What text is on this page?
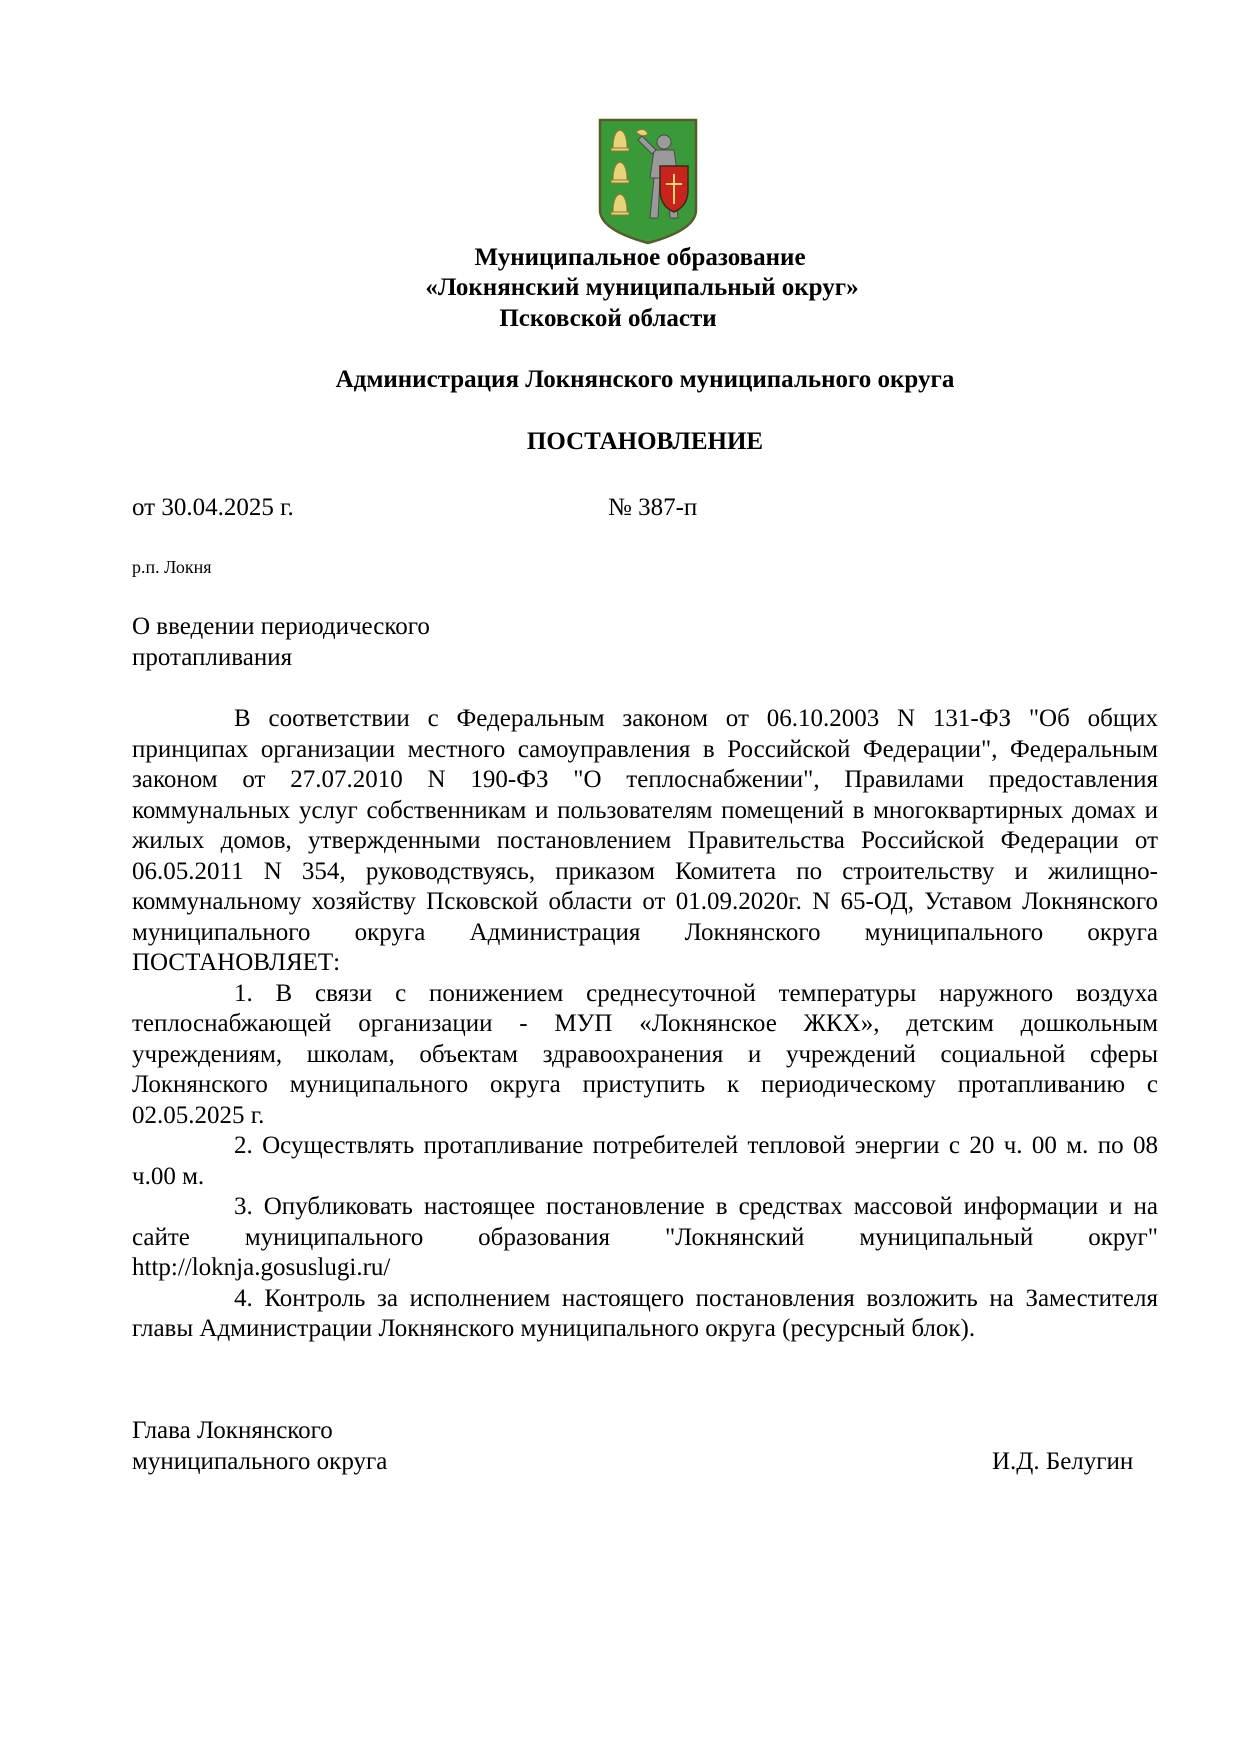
Муниципальное образование
«Локнянский муниципальный округ»
Псковской области
Администрация Локнянского муниципального округа
ПОСТАНОВЛЕНИЕ
от 30.04.2025 г.	№ 387-п
р.п. Локня
О введении периодического
протапливания

В соответствии с Федеральным законом от 06.10.2003 N 131-ФЗ "Об общих принципах организации местного самоуправления в Российской Федерации", Федеральным законом от 27.07.2010 N 190-ФЗ "О теплоснабжении", Правилами предоставления коммунальных услуг собственникам и пользователям помещений в многоквартирных домах и жилых домов, утвержденными постановлением Правительства Российской Федерации от 06.05.2011 N 354, руководствуясь, приказом Комитета по строительству и жилищно-коммунальному хозяйству Псковской области от 01.09.2020г. N 65-ОД, Уставом Локнянского муниципального округа Администрация Локнянского муниципального округа ПОСТАНОВЛЯЕТ:

1. В связи с понижением среднесуточной температуры наружного воздуха теплоснабжающей организации - МУП «Локнянское ЖКХ», детским дошкольным учреждениям, школам, объектам здравоохранения и учреждений социальной сферы Локнянского муниципального округа приступить к периодическому протапливанию с 02.05.2025 г.

2. Осуществлять протапливание потребителей тепловой энергии с 20 ч. 00 м. по 08 ч.00 м.

3. Опубликовать настоящее постановление в средствах массовой информации и на сайте муниципального образования "Локнянский муниципальный округ" http://loknja.gosuslugi.ru/

4. Контроль за исполнением настоящего постановления возложить на Заместителя главы Администрации Локнянского муниципального округа (ресурсный блок).

Глава Локнянского
муниципального округа	И.Д. Белугин
